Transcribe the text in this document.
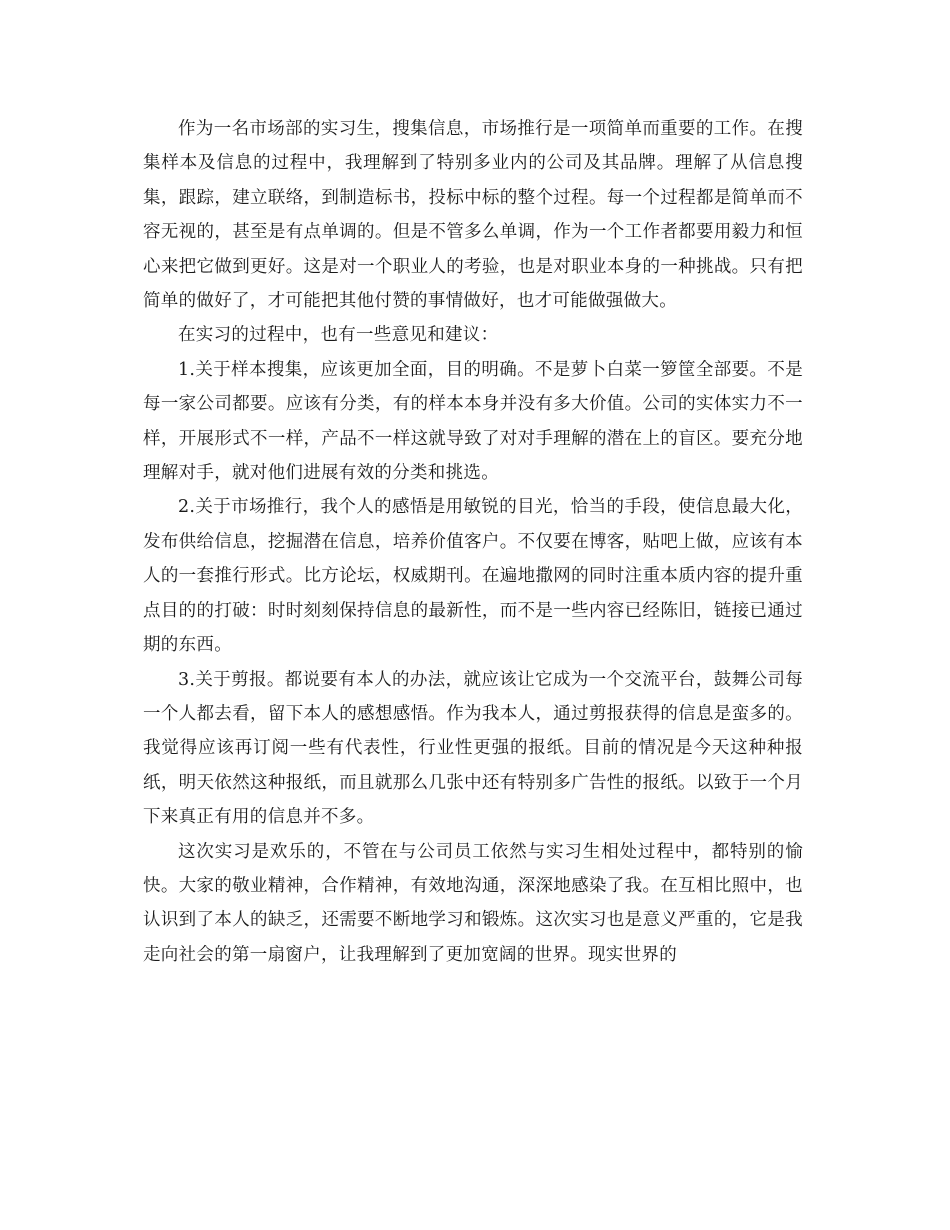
作为一名市场部的实习生，搜集信息，市场推行是一项简单而重要的工作。在搜集样本及信息的过程中，我理解到了特别多业内的公司及其品牌。理解了从信息搜集，跟踪，建立联络，到制造标书，投标中标的整个过程。每一个过程都是简单而不容无视的，甚至是有点单调的。但是不管多么单调，作为一个工作者都要用毅力和恒心来把它做到更好。这是对一个职业人的考验，也是对职业本身的一种挑战。只有把简单的做好了，才可能把其他付赞的事情做好，也才可能做强做大。

在实习的过程中，也有一些意见和建议：

1.关于样本搜集，应该更加全面，目的明确。不是萝卜白菜一箩筐全部要。不是每一家公司都要。应该有分类，有的样本本身并没有多大价值。公司的实体实力不一样，开展形式不一样，产品不一样这就导致了对对手理解的潜在上的盲区。要充分地理解对手，就对他们进展有效的分类和挑选。

2.关于市场推行，我个人的感悟是用敏锐的目光，恰当的手段，使信息最大化，发布供给信息，挖掘潜在信息，培养价值客户。不仅要在博客，贴吧上做，应该有本人的一套推行形式。比方论坛，权威期刊。在遍地撒网的同时注重本质内容的提升重点目的的打破：时时刻刻保持信息的最新性，而不是一些内容已经陈旧，链接已通过期的东西。

3.关于剪报。都说要有本人的办法，就应该让它成为一个交流平台，鼓舞公司每一个人都去看，留下本人的感想感悟。作为我本人，通过剪报获得的信息是蛮多的。我觉得应该再订阅一些有代表性，行业性更强的报纸。目前的情况是今天这种种报纸，明天依然这种报纸，而且就那么几张中还有特别多广告性的报纸。以致于一个月下来真正有用的信息并不多。

这次实习是欢乐的，不管在与公司员工依然与实习生相处过程中，都特别的愉快。大家的敬业精神，合作精神，有效地沟通，深深地感染了我。在互相比照中，也认识到了本人的缺乏，还需要不断地学习和锻炼。这次实习也是意义严重的，它是我走向社会的第一扇窗户，让我理解到了更加宽阔的世界。现实世界的
